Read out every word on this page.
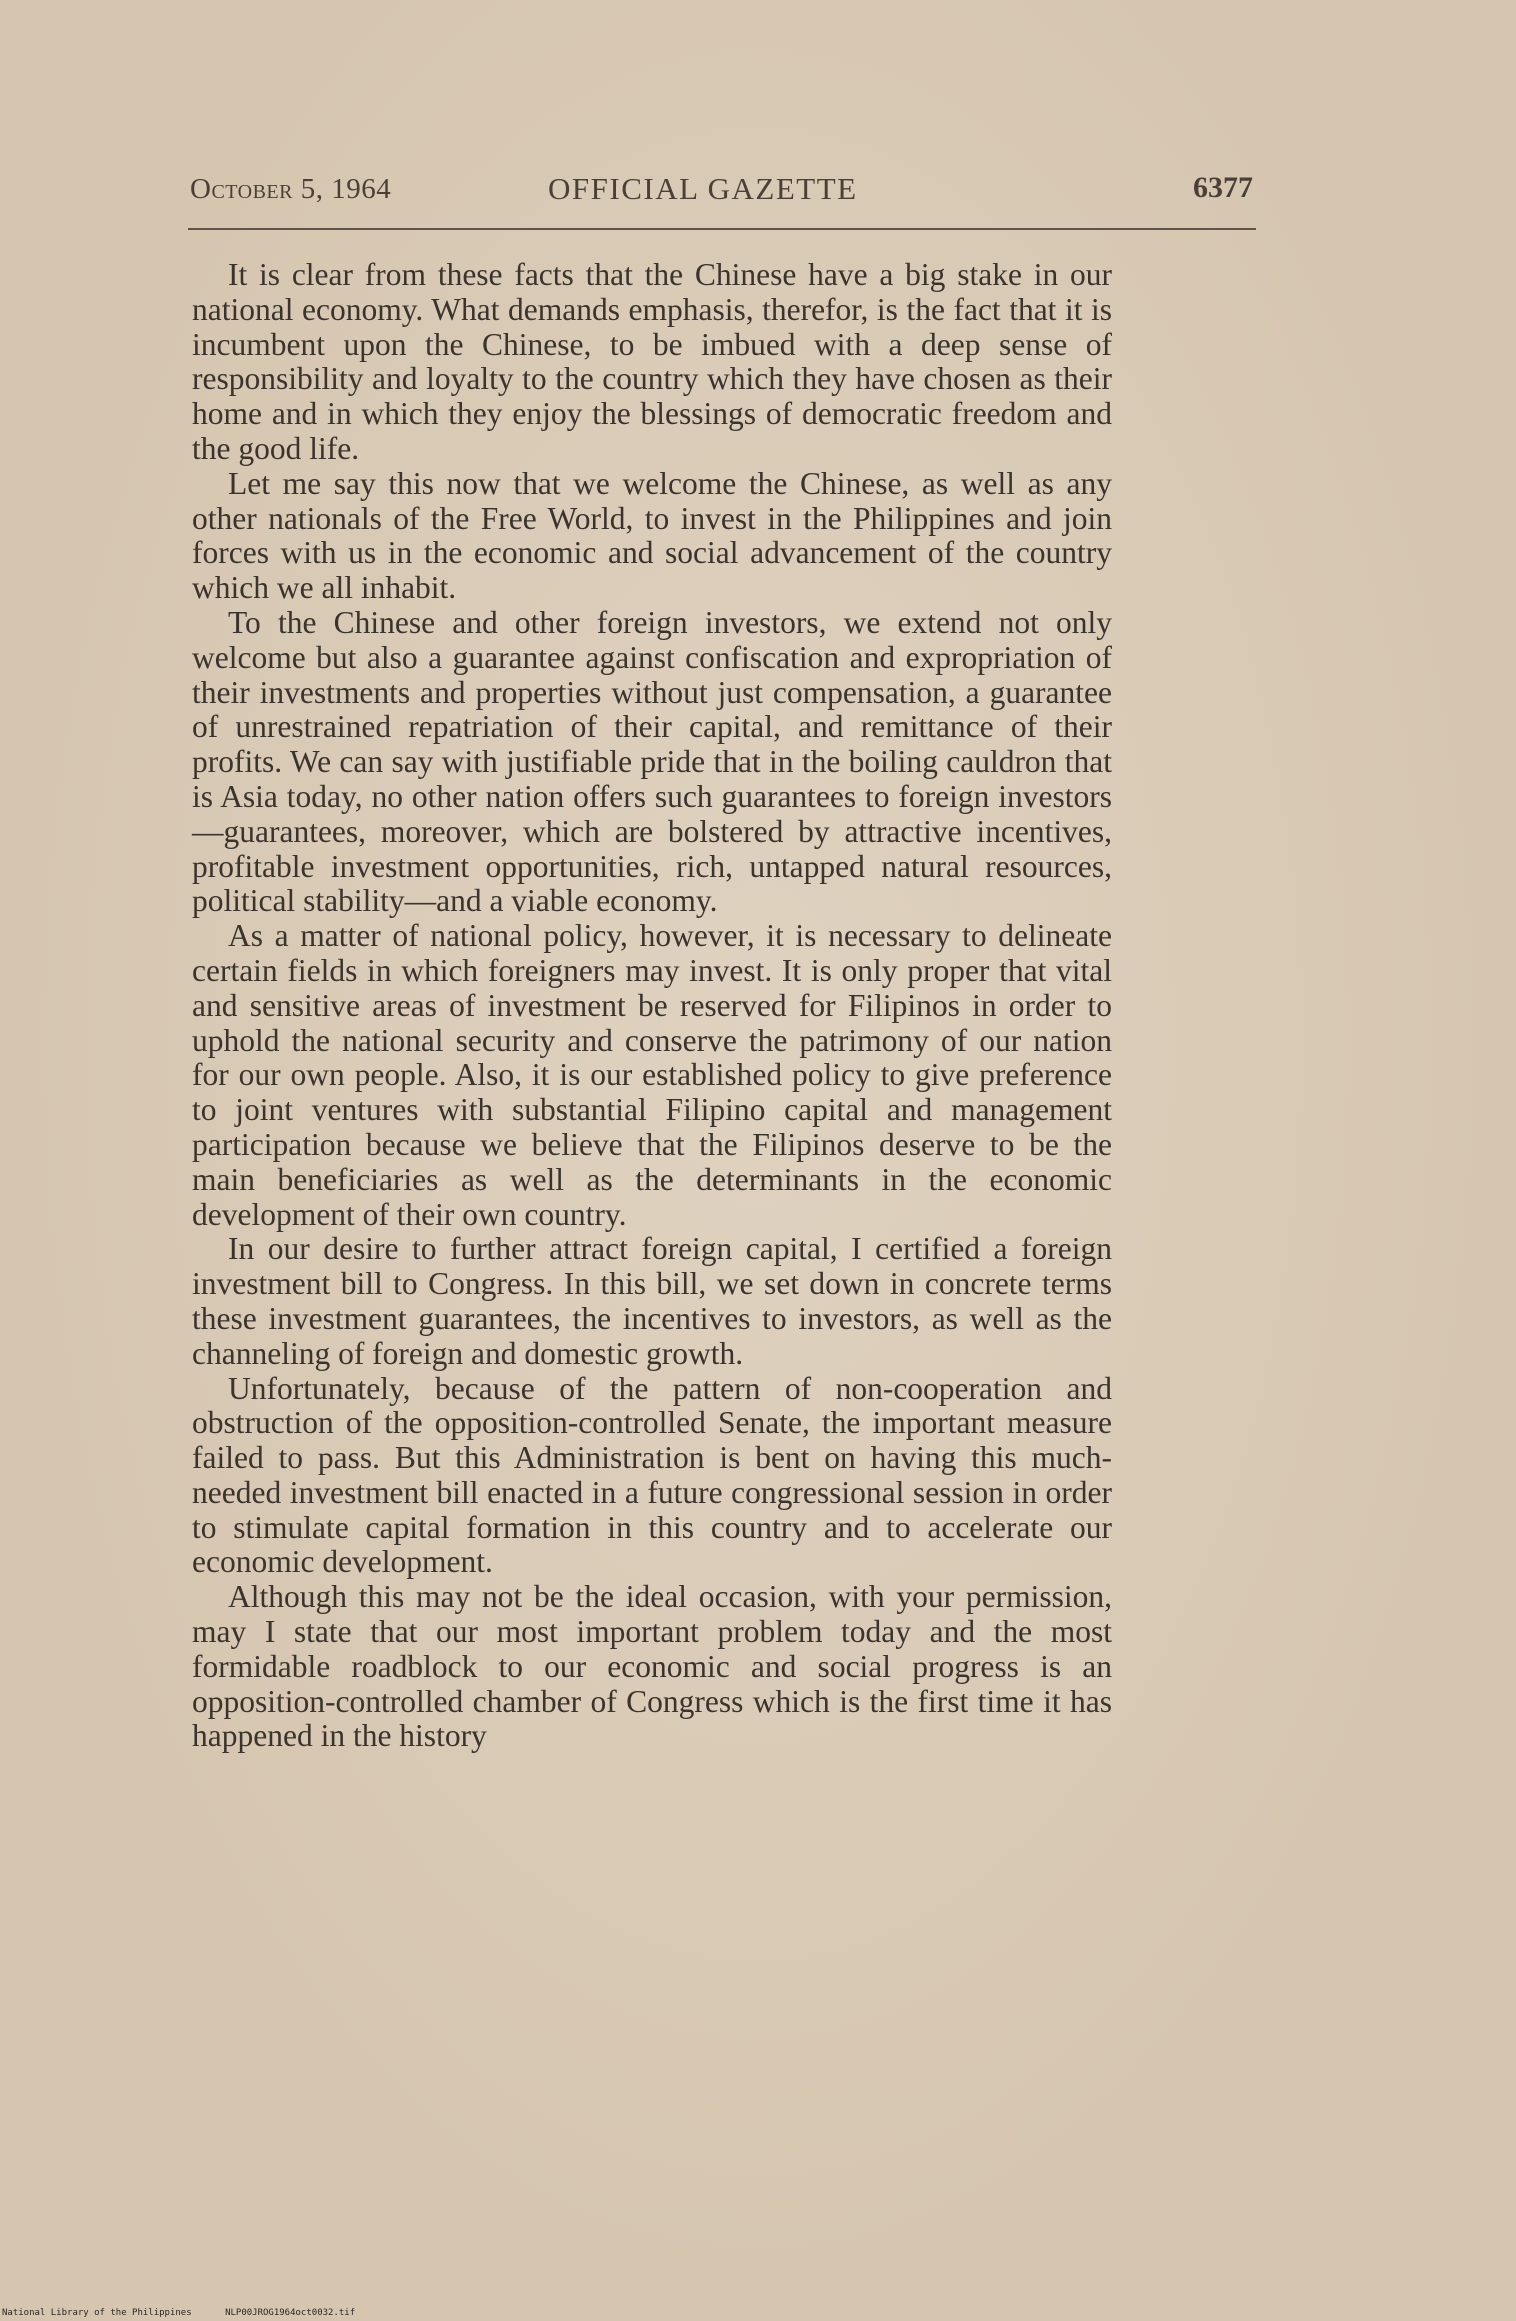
October 5, 1964	OFFICIAL GAZETTE	6377

It is clear from these facts that the Chinese have a big stake in our national economy. What demands emphasis, therefor, is the fact that it is incumbent upon the Chinese, to be imbued with a deep sense of responsibility and loyalty to the country which they have chosen as their home and in which they enjoy the blessings of democratic freedom and the good life.

Let me say this now that we welcome the Chinese, as well as any other nationals of the Free World, to invest in the Philippines and join forces with us in the economic and social advancement of the country which we all inhabit.

To the Chinese and other foreign investors, we extend not only welcome but also a guarantee against confiscation and expropriation of their investments and properties without just compensation, a guarantee of unrestrained repatriation of their capital, and remittance of their profits. We can say with justifiable pride that in the boiling cauldron that is Asia today, no other nation offers such guarantees to foreign investors—guarantees, moreover, which are bolstered by attractive incentives, profitable investment opportunities, rich, untapped natural resources, political stability—and a viable economy.

As a matter of national policy, however, it is necessary to delineate certain fields in which foreigners may invest. It is only proper that vital and sensitive areas of investment be reserved for Filipinos in order to uphold the national security and conserve the patrimony of our nation for our own people. Also, it is our established policy to give preference to joint ventures with substantial Filipino capital and management participation because we believe that the Filipinos deserve to be the main beneficiaries as well as the determinants in the economic development of their own country.

In our desire to further attract foreign capital, I certified a foreign investment bill to Congress. In this bill, we set down in concrete terms these investment guarantees, the incentives to investors, as well as the channeling of foreign and domestic growth.

Unfortunately, because of the pattern of non-cooperation and obstruction of the opposition-controlled Senate, the important measure failed to pass. But this Administration is bent on having this much-needed investment bill enacted in a future congressional session in order to stimulate capital formation in this country and to accelerate our economic development.

Although this may not be the ideal occasion, with your permission, may I state that our most important problem today and the most formidable roadblock to our economic and social progress is an opposition-controlled chamber of Congress which is the first time it has happened in the history

National Library of the Philippines	NLP00JROG1964oct0032.tif
